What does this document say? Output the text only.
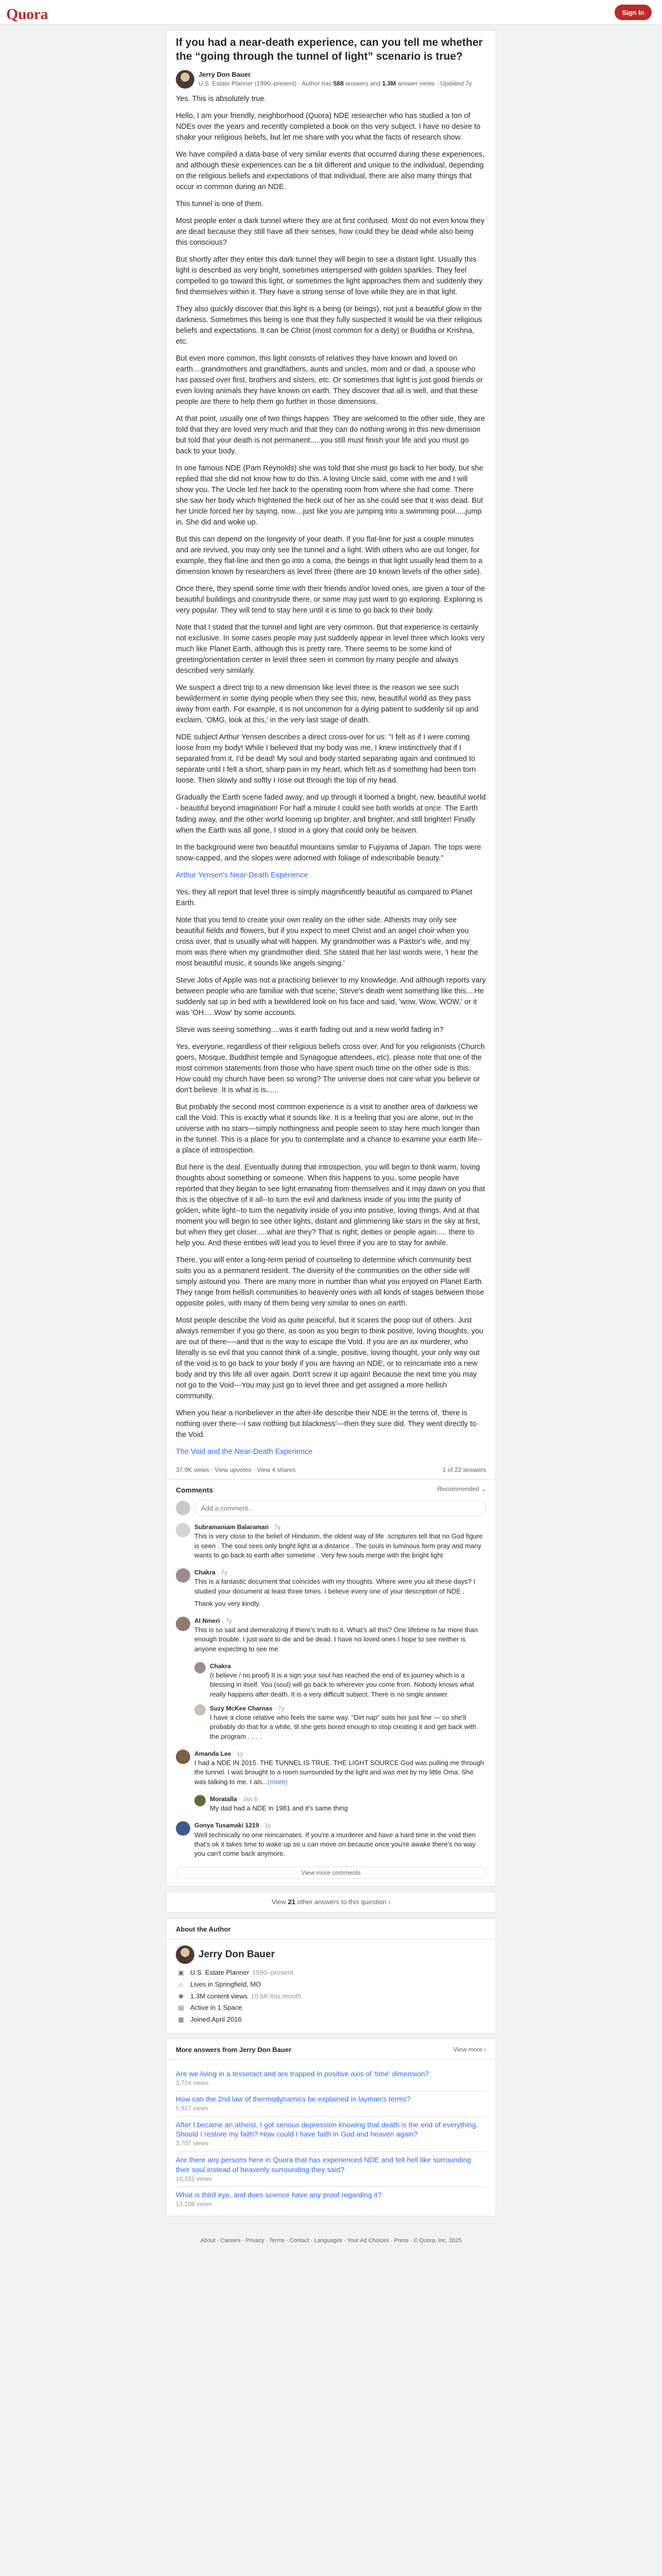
Quora	Sign In
If you had a near-death experience, can you tell me whether the “going through the tunnel of light” scenario is true?
Jerry Don Bauer
U.S. Estate Planner (1990–present) · Author has 588 answers and 1.3M answer views · Updated 7y

Yes. This is absolutely true.

Hello, I am your friendly, neighborhood (Quora) NDE researcher who has studied a ton of NDEs over the years and recently completed a book on this very subject. I have no desire to shake your religious beliefs, but let me share with you what the facts of research show.

We have compiled a data-base of very similar events that occurred during these experiences, and although these experiences can be a bit different and unique to the individual, depending on the religious beliefs and expectations of that individual, there are also many things that occur in common during an NDE.

This tunnel is one of them.

Most people enter a dark tunnel where they are at first confused. Most do not even know they are dead because they still have all their senses, how could they be dead while also being this conscious?

But shortly after they enter this dark tunnel they will begin to see a distant light. Usually this light is described as very bright, sometimes interspersed with golden sparkles. They feel compelled to go toward this light, or sometimes the light approaches them and suddenly they find themselves within it. They have a strong sense of love while they are in that light.

They also quickly discover that this light is a being (or beings), not just a beautiful glow in the darkness. Sometimes this being is one that they fully suspected it would be via their religious beliefs and expectations. It can be Christ (most common for a deity) or Buddha or Krishna, etc.

But even more common, this light consists of relatives they have known and loved on earth....grandmothers and grandfathers, aunts and uncles, mom and or dad, a spouse who has passed over first, brothers and sisters, etc. Or sometimes that light is just good friends or even loving animals they have known on earth. They discover that all is well, and that these people are there to help them go further in those dimensions.

At that point, usually one of two things happen. They are welcomed to the other side, they are told that they are loved very much and that they can do nothing wrong in this new dimension but told that your death is not permanent.....you still must finish your life and you must go back to your body.

In one famous NDE (Pam Reynolds) she was told that she must go back to her body, but she replied that she did not know how to do this. A loving Uncle said, come with me and I will show you. The Uncle led her back to the operating room from where she had come. There she saw her body which frightened the heck out of her as she could see that it was dead. But her Uncle forced her by saying, now....just like you are jumping into a swimming pool.....jump in. She did and woke up.

But this can depend on the longevity of your death. If you flat-line for just a couple minutes and are revived, you may only see the tunnel and a light. With others who are out longer, for example, they flat-line and then go into a coma, the beings in that light usually lead them to a dimension known by researchers as level three (there are 10 known levels of the other side).

Once there, they spend some time with their friends and/or loved ones, are given a tour of the beautiful buildings and countryside there, or some may just want to go exploring. Exploring is very popular. They will tend to stay here until it is time to go back to their body.

Note that I stated that the tunnel and light are very common. But that experience is certainly not exclusive. In some cases people may just suddenly appear in level three which looks very much like Planet Earth, although this is pretty rare. There seems to be some kind of greeting/orientation center in level three seen in common by many people and always described very similarly.

We suspect a direct trip to a new dimension like level three is the reason we see such bewilderment in some dying people when they see this, new, beautiful world as they pass away from earth. For example, it is not uncommon for a dying patient to suddenly sit up and exclaim, 'OMG, look at this,' in the very last stage of death.

NDE subject Arthur Yensen describes a direct cross-over for us: "I felt as if I were coming loose from my body! While I believed that my body was me, I knew instinctively that if I separated from it, I'd be dead! My soul and body started separating again and continued to separate until I felt a short, sharp pain in my heart, which felt as if something had been torn loose. Then slowly and softly I rose out through the top of my head.

Gradually the Earth scene faded away, and up through it loomed a bright, new, beautiful world - beautiful beyond imagination! For half a minute I could see both worlds at once. The Earth fading away, and the other world looming up brighter, and brighter, and still brighter! Finally when the Earth was all gone, I stood in a glory that could only be heaven.

In the background were two beautiful mountains similar to Fujiyama of Japan. The tops were snow-capped, and the slopes were adorned with foliage of indescribable beauty."

Arthur Yensen's Near-Death Experience

Yes, they all report that level three is simply magnificently beautiful as compared to Planet Earth.

Note that you tend to create your own reality on the other side. Atheists may only see beautiful fields and flowers, but if you expect to meet Christ and an angel choir when you cross over, that is usually what will happen. My grandmother was a Pastor's wife, and my mom was there when my grandmother died. She stated that her last words were, 'I hear the most beautiful music, it sounds like angels singing.'

Steve Jobs of Apple was not a practicing believer to my knowledge. And although reports vary between people who are familiar with that scene, Steve's death went something like this....He suddenly sat up in bed with a bewildered look on his face and said, 'wow, Wow, WOW,' or it was 'OH.....Wow' by some accounts.

Steve was seeing something....was it earth fading out and a new world fading in?

Yes, everyone, regardless of their religious beliefs cross over. And for you religionists (Church goers, Mosque, Buddhist temple and Synagogue attendees, etc), please note that one of the most common statements from those who have spent much time on the other side is this: How could my church have been so wrong? The universe does not care what you believe or don't believe. It is what is is......

But probably the second most common experience is a visit to another area of darkness we call the Void. This is exactly what it sounds like. It is a feeling that you are alone, out in the universe with no stars---simply nothingness and people seem to stay here much longer than in the tunnel. This is a place for you to contemplate and a chance to examine your earth life--a place of introspection.

But here is the deal. Eventually during that introspection, you will begin to think warm, loving thoughts about something or someone. When this happens to you, some people have reported that they began to see light emanating from themselves and it may dawn on you that this is the objective of it all--to turn the evil and darkness inside of you into the purity of golden, white light--to turn the negativity inside of you into positive, loving things. And at that moment you will begin to see other lights, distant and glimmering like stars in the sky at first, but when they get closer.....what are they? That is right; deities or people again..... there to help you. And these entities will lead you to level three if you are to stay for awhile.

There, you will enter a long-term period of counseling to determine which community best suits you as a permanent resident. The diversity of the communities on the other side will simply astound you. There are many more in number than what you enjoyed on Planet Earth. They range from hellish communities to heavenly ones with all kinds of stages between those opposite poles, with many of them being very similar to ones on earth.

Most people describe the Void as quite peaceful, but it scares the poop out of others. Just always remember if you go there, as soon as you begin to think positive, loving thoughts, you are out of there----and that is the way to escape the Void. If you are an ax murderer, who literally is so evil that you cannot think of a single, positive, loving thought, your only way out of the void is to go back to your body if you are having an NDE, or to reincarnate into a new body and try this life all over again. Don't screw it up again! Because the next time you may not go to the Void---You may just go to level three and get assigned a more hellish community.

When you hear a nonbeliever in the after-life describe their NDE in the terms of, 'there is nothing over there---I saw nothing but blackness'---then they sure did. They went directly to the Void.

The Void and the Near-Death Experience

37.9K views · View upvotes · View 4 shares	1 of 22 answers
Comments	Recommended ⌄
Add a comment...
Subramaniam Balaraman · 7y

This is very close to the belief of Hinduism, the oldest way of life .scriptures tell that no God figure is seen . The soul sees only bright light at a distance . The souls in luminous form pray and many wants to go back to earth after sometime . Very few souls merge with the bright light

Chakra · 7y

This is a fantastic document that coincides with my thoughts. Where were you all these days? I studied your document at least three times. I believe every one of your description of NDE .

Thank you very kindly.

Al Nmeri · 7y

This is so sad and demoralizing if there's truth to it. What's all this? One lifetime is far more than enough trouble. I just want to die and be dead. I have no loved ones I hope to see neither is anyone expecting to see me

Chakra
(I believe / no proof) It is a sign your soul has reached the end of its journey which is a blessing in itself. You (soul) will go back to wherever you come from. Nobody knows what really happens after death. It is a very difficult subject. There is no single answer.
Suzy McKee Charnas · 7y

I have a close relative who feels the same way. "Dirt nap" suits her just fine — so she'll probably do that for a while, til she gets bored enough to stop creating it and get back with the program . . . .

Amanda Lee · 1y

I had a NDE IN 2015. THE TUNNEL IS TRUE. THE LIGHT SOURCE God was pulling me through the tunnel. I was brought to a room surrounded by the light and was met by my little Oma. She was talking to me. I als...(more)

Moratalla · Jan 6

My dad had a NDE in 1981 and it's same thing

Gonya Tusamaki 1219 · 1y

Well technically no one reincarnates. If you're a murderer and have a hard time in the void then that's ok it takes time to wake up so u can move on because once you're awake there's no way you can't come back anymore.

View more comments
View 21 other answers to this question ›
About the Author
Jerry Don Bauer
▣ U.S. Estate Planner 1990–present
⌂	Lives in Springfield, MO
◉ 1.3M content views 10.6K this month
▤ Active in 1 Space
▦ Joined April 2016
More answers from Jerry Don Bauer	View more ›
Are we living in a tesseract and are trapped in positive axis of 'time' dimension?
3,724 views
How can the 2nd law of thermodynamics be explained in layman's terms?
5,927 views
After I became an atheist, I got serious depression knowing that death is the end of everything. Should I restore my faith? How could I have faith in God and heaven again?
3,707 views
Are there any persons here in Quora that has experienced NDE and felt hell like surrounding their soul instead of heavenly surrounding they said?
10,331 views
What is third eye, and does science have any proof regarding it?
13,108 views
About · Careers · Privacy · Terms · Contact · Languages · Your Ad Choices · Press · © Quora, Inc. 2025
